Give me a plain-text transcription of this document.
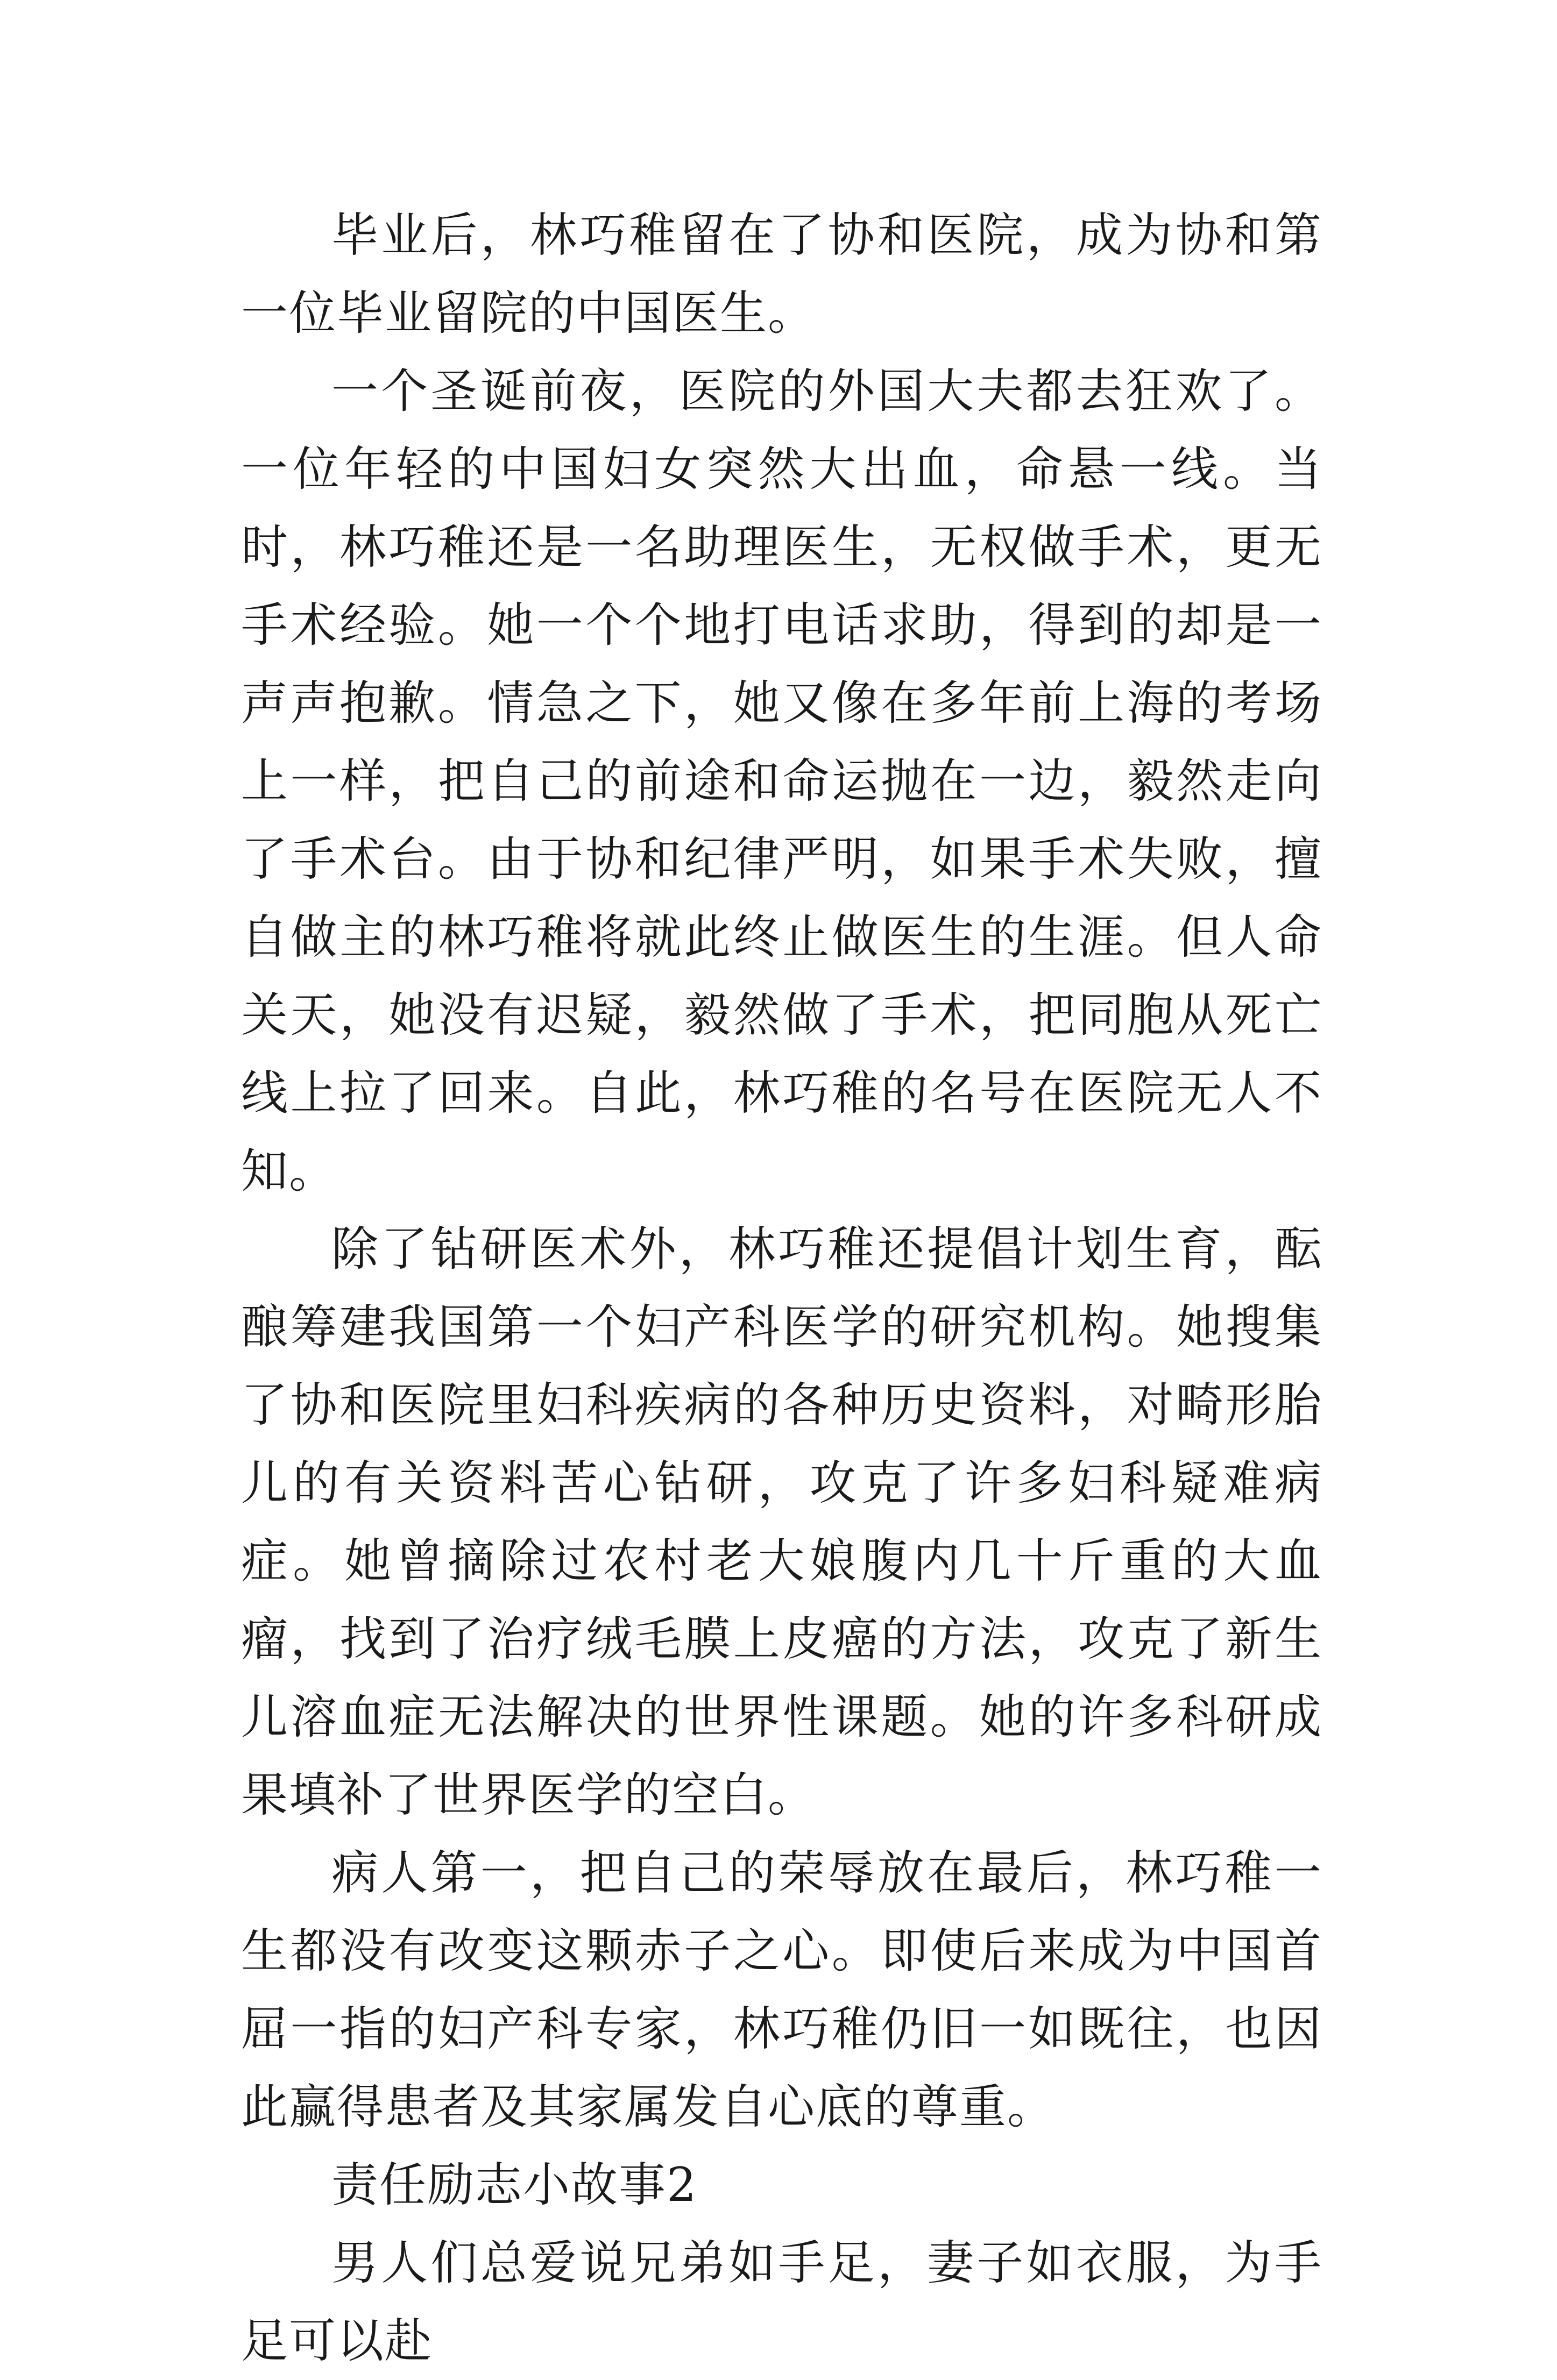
毕业后，林巧稚留在了协和医院，成为协和第一位毕业留院的中国医生。

一个圣诞前夜，医院的外国大夫都去狂欢了。一位年轻的中国妇女突然大出血，命悬一线。当时，林巧稚还是一名助理医生，无权做手术，更无手术经验。她一个个地打电话求助，得到的却是一声声抱歉。情急之下，她又像在多年前上海的考场上一样，把自己的前途和命运抛在一边，毅然走向了手术台。由于协和纪律严明，如果手术失败，擅自做主的林巧稚将就此终止做医生的生涯。但人命关天，她没有迟疑，毅然做了手术，把同胞从死亡线上拉了回来。自此，林巧稚的名号在医院无人不知。

除了钻研医术外，林巧稚还提倡计划生育，酝酿筹建我国第一个妇产科医学的研究机构。她搜集了协和医院里妇科疾病的各种历史资料，对畸形胎儿的有关资料苦心钻研，攻克了许多妇科疑难病症。她曾摘除过农村老大娘腹内几十斤重的大血瘤，找到了治疗绒毛膜上皮癌的方法，攻克了新生儿溶血症无法解决的世界性课题。她的许多科研成果填补了世界医学的空白。

病人第一，把自己的荣辱放在最后，林巧稚一生都没有改变这颗赤子之心。即使后来成为中国首屈一指的妇产科专家，林巧稚仍旧一如既往，也因此赢得患者及其家属发自心底的尊重。

责任励志小故事2

男人们总爱说兄弟如手足，妻子如衣服，为手足可以赴
